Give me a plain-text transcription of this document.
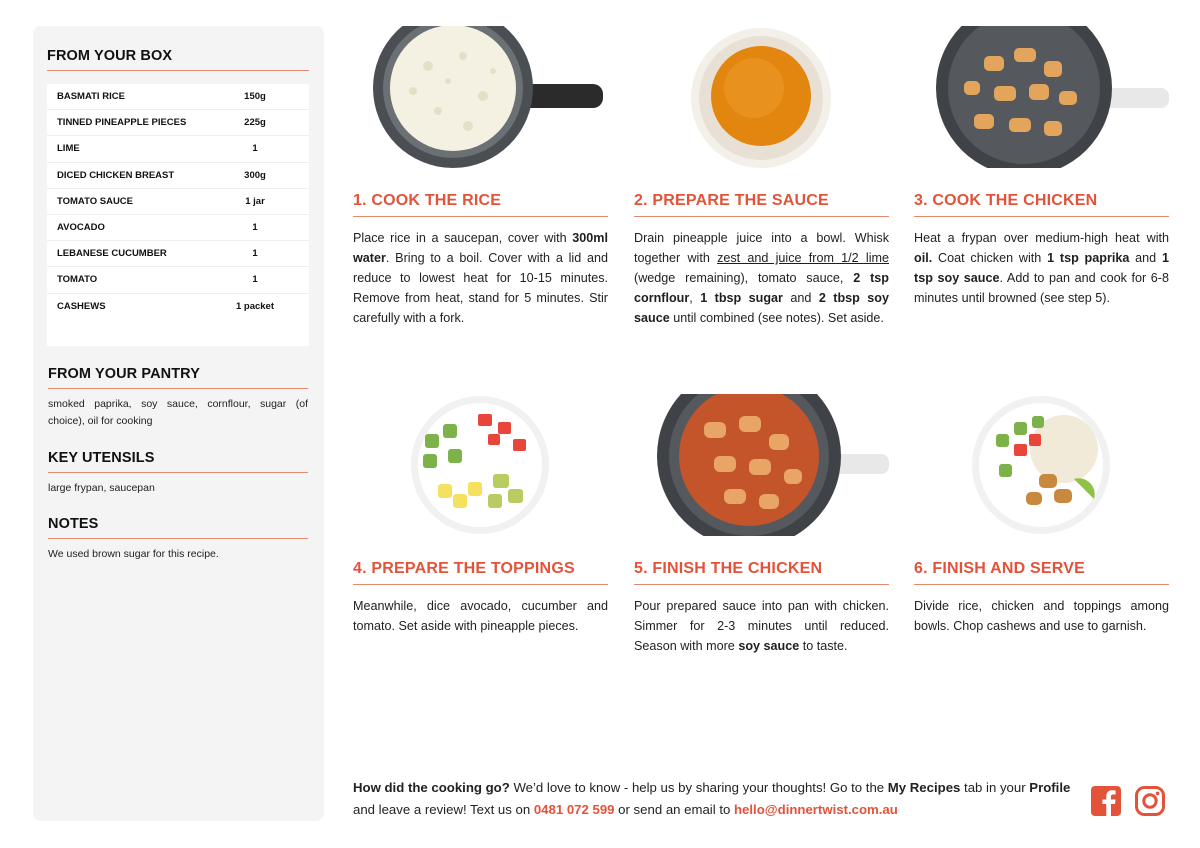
FROM YOUR BOX
BASMATI RICE	150g
TINNED PINEAPPLE PIECES	225g
LIME	1
DICED CHICKEN BREAST	300g
TOMATO SAUCE	1 jar
AVOCADO	1
LEBANESE CUCUMBER	1
TOMATO	1
CASHEWS	1 packet
FROM YOUR PANTRY
smoked paprika, soy sauce, cornflour, sugar (of choice), oil for cooking
KEY UTENSILS
large frypan, saucepan
NOTES
We used brown sugar for this recipe.
1. COOK THE RICE
Place rice in a saucepan, cover with 300ml water. Bring to a boil. Cover with a lid and reduce to lowest heat for 10-15 minutes. Remove from heat, stand for 5 minutes. Stir carefully with a fork.
2. PREPARE THE SAUCE
Drain pineapple juice into a bowl. Whisk together with zest and juice from 1/2 lime (wedge remaining), tomato sauce, 2 tsp cornflour, 1 tbsp sugar and 2 tbsp soy sauce until combined (see notes). Set aside.
3. COOK THE CHICKEN
Heat a frypan over medium-high heat with oil. Coat chicken with 1 tsp paprika and 1 tsp soy sauce. Add to pan and cook for 6-8 minutes until browned (see step 5).
4. PREPARE THE TOPPINGS
Meanwhile, dice avocado, cucumber and tomato. Set aside with pineapple pieces.
5. FINISH THE CHICKEN
Pour prepared sauce into pan with chicken. Simmer for 2-3 minutes until reduced. Season with more soy sauce to taste.
6. FINISH AND SERVE
Divide rice, chicken and toppings among bowls. Chop cashews and use to garnish.
How did the cooking go? We’d love to know - help us by sharing your thoughts! Go to the My Recipes tab in your Profile and leave a review! Text us on 0481 072 599 or send an email to hello@dinnertwist.com.au
